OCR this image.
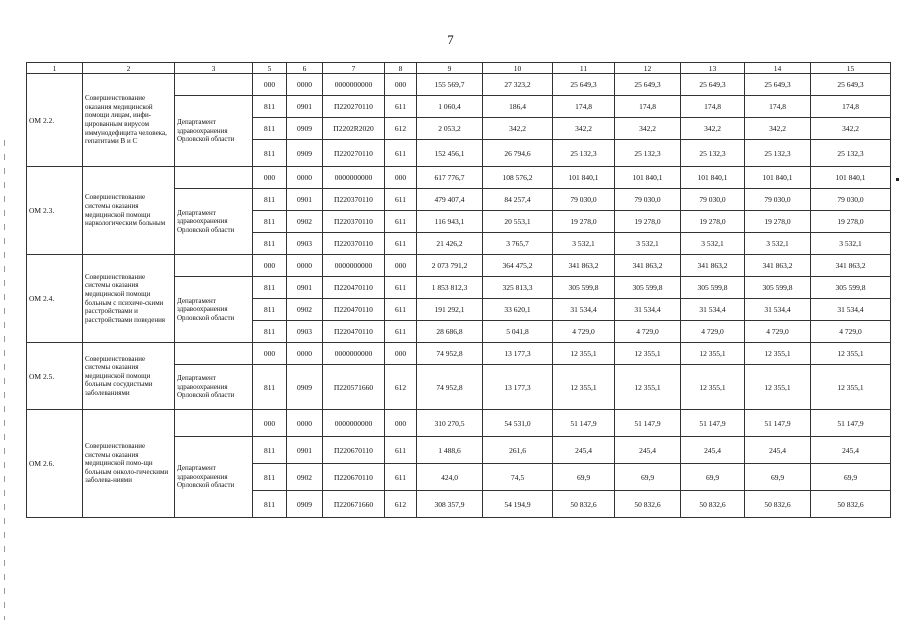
7
1	2	3	5	6	7	8	9	10	11	12	13	14	15
ОМ 2.2.	Совершенствование оказания медицинской помощи лицам, инфи-цированным вирусом иммунодефицита человека, гепатитами В и С		000	0000	0000000000	000	155 569,7	27 323,2	25 649,3	25 649,3	25 649,3	25 649,3	25 649,3
		Департамент здравоохранения Орловской области	811	0901	П220270110	611	1 060,4	186,4	174,8	174,8	174,8	174,8	174,8
			811	0909	П2202R2020	612	2 053,2	342,2	342,2	342,2	342,2	342,2	342,2
			811	0909	П220270110	611	152 456,1	26 794,6	25 132,3	25 132,3	25 132,3	25 132,3	25 132,3
ОМ 2.3.	Совершенствование системы оказания медицинской помощи наркологическим больным		000	0000	0000000000	000	617 776,7	108 576,2	101 840,1	101 840,1	101 840,1	101 840,1	101 840,1
		Департамент здравоохранения Орловской области	811	0901	П220370110	611	479 407,4	84 257,4	79 030,0	79 030,0	79 030,0	79 030,0	79 030,0
			811	0902	П220370110	611	116 943,1	20 553,1	19 278,0	19 278,0	19 278,0	19 278,0	19 278,0
			811	0903	П220370110	611	21 426,2	3 765,7	3 532,1	3 532,1	3 532,1	3 532,1	3 532,1
ОМ 2.4.	Совершенствование системы оказания медицинской помощи больным с психиче-скими расстройствами и расстройствами поведения		000	0000	0000000000	000	2 073 791,2	364 475,2	341 863,2	341 863,2	341 863,2	341 863,2	341 863,2
		Департамент здравоохранения Орловской области	811	0901	П220470110	611	1 853 812,3	325 813,3	305 599,8	305 599,8	305 599,8	305 599,8	305 599,8
			811	0902	П220470110	611	191 292,1	33 620,1	31 534,4	31 534,4	31 534,4	31 534,4	31 534,4
			811	0903	П220470110	611	28 686,8	5 041,8	4 729,0	4 729,0	4 729,0	4 729,0	4 729,0
ОМ 2.5.	Совершенствование системы оказания медицинской помощи больным сосудистыми заболеваниями		000	0000	0000000000	000	74 952,8	13 177,3	12 355,1	12 355,1	12 355,1	12 355,1	12 355,1
		Департамент здравоохранения Орловской области	811	0909	П220571660	612	74 952,8	13 177,3	12 355,1	12 355,1	12 355,1	12 355,1	12 355,1
ОМ 2.6.	Совершенствование системы оказания медицинской помо-щи больным онколо-гическими заболева-ниями		000	0000	0000000000	000	310 270,5	54 531,0	51 147,9	51 147,9	51 147,9	51 147,9	51 147,9
		Департамент здравоохранения Орловской области	811	0901	П220670110	611	1 488,6	261,6	245,4	245,4	245,4	245,4	245,4
			811	0902	П220670110	611	424,0	74,5	69,9	69,9	69,9	69,9	69,9
			811	0909	П220671660	612	308 357,9	54 194,9	50 832,6	50 832,6	50 832,6	50 832,6	50 832,6
